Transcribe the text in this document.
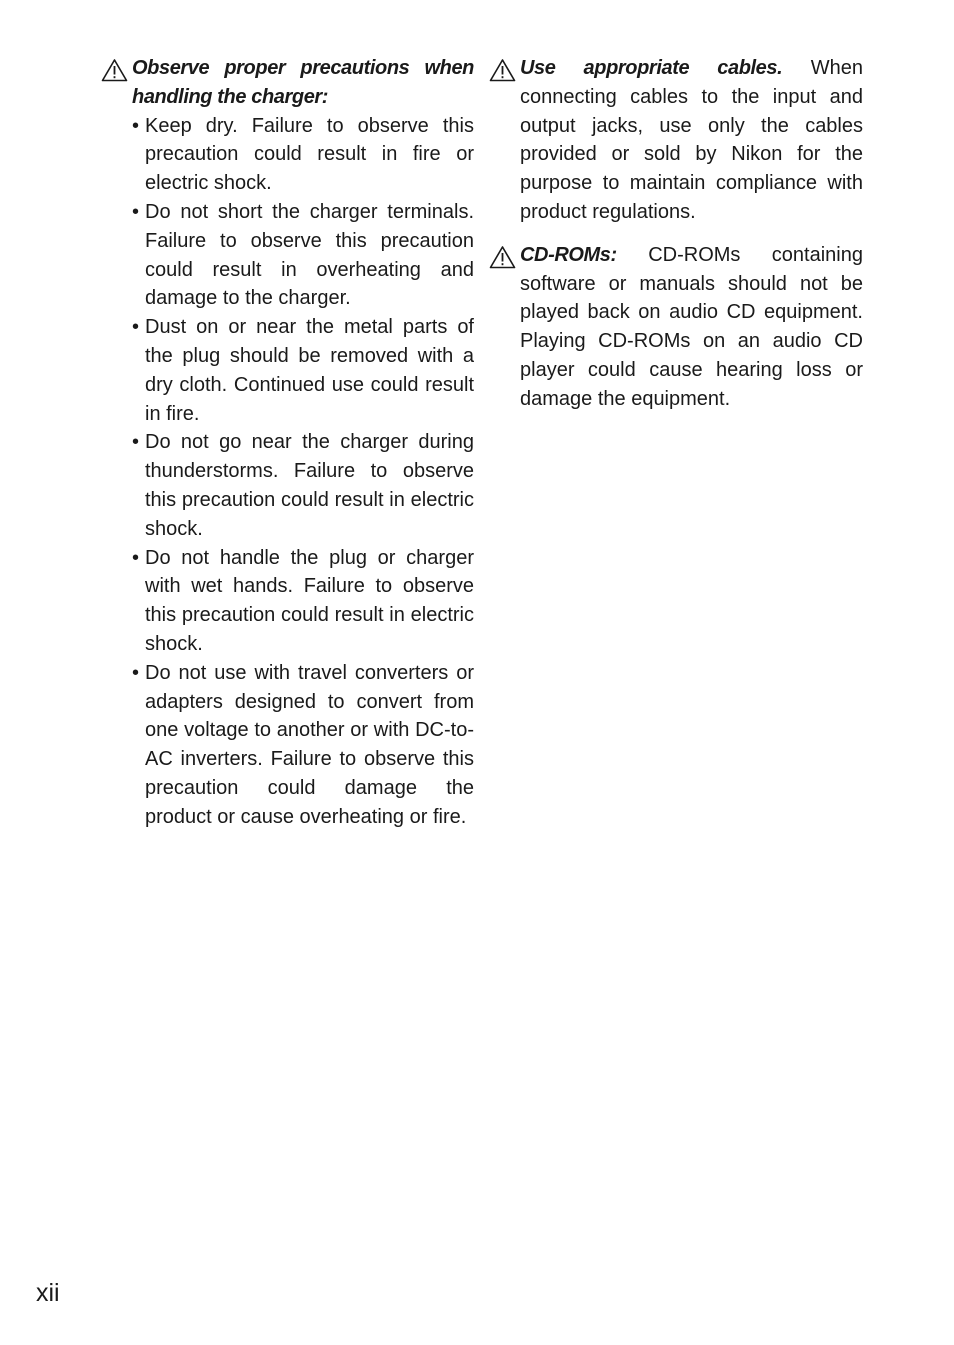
Observe proper precautions when handling the charger:
• Keep dry. Failure to observe this precaution could result in fire or electric shock.
• Do not short the charger terminals. Failure to observe this precaution could result in overheating and damage to the charger.
• Dust on or near the metal parts of the plug should be removed with a dry cloth. Continued use could result in fire.
• Do not go near the charger during thunderstorms. Failure to observe this precaution could result in electric shock.
• Do not handle the plug or charger with wet hands. Failure to observe this precaution could result in electric shock.
• Do not use with travel converters or adapters designed to convert from one voltage to another or with DC-to-AC inverters. Failure to observe this precaution could damage the product or cause overheating or fire.
Use appropriate cables. When connecting cables to the input and output jacks, use only the cables provided or sold by Nikon for the purpose to maintain compliance with product regulations.
CD-ROMs: CD-ROMs containing software or manuals should not be played back on audio CD equipment. Playing CD-ROMs on an audio CD player could cause hearing loss or damage the equipment.
xii
